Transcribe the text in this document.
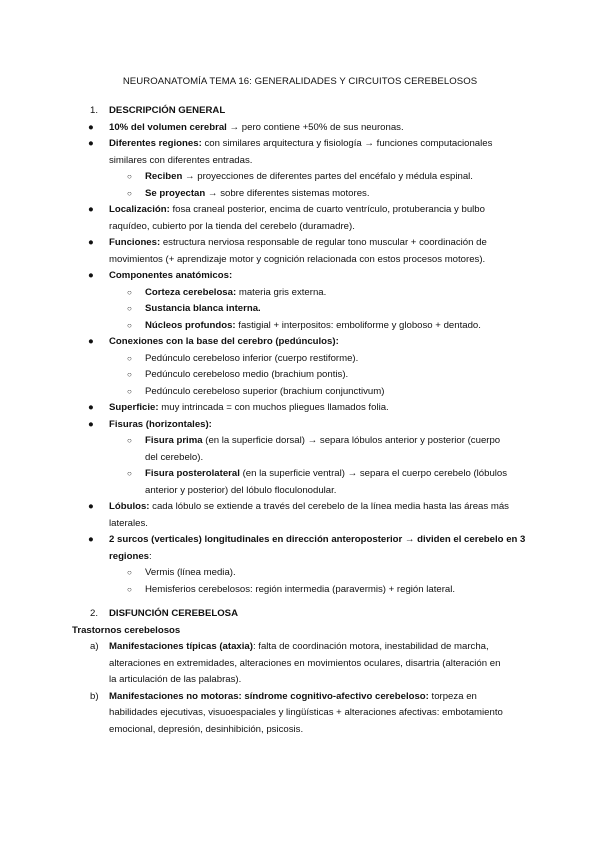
NEUROANATOMÍA TEMA 16: GENERALIDADES Y CIRCUITOS CEREBELOSOS
1. DESCRIPCIÓN GENERAL
● 10% del volumen cerebral → pero contiene +50% de sus neuronas.
● Diferentes regiones: con similares arquitectura y fisiología → funciones computacionales
similares con diferentes entradas.
○ Reciben → proyecciones de diferentes partes del encéfalo y médula espinal.
○ Se proyectan → sobre diferentes sistemas motores.
● Localización: fosa craneal posterior, encima de cuarto ventrículo, protuberancia y bulbo
raquídeo, cubierto por la tienda del cerebelo (duramadre).
● Funciones: estructura nerviosa responsable de regular tono muscular + coordinación de
movimientos (+ aprendizaje motor y cognición relacionada con estos procesos motores).
● Componentes anatómicos:
○ Corteza cerebelosa: materia gris externa.
○ Sustancia blanca interna.
○ Núcleos profundos: fastigial + interpositos: emboliforme y globoso + dentado.
● Conexiones con la base del cerebro (pedúnculos):
○ Pedúnculo cerebeloso inferior (cuerpo restiforme).
○ Pedúnculo cerebeloso medio (brachium pontis).
○ Pedúnculo cerebeloso superior (brachium conjunctivum)
● Superficie: muy intrincada = con muchos pliegues llamados folia.
● Fisuras (horizontales):
○ Fisura prima (en la superficie dorsal) → separa lóbulos anterior y posterior (cuerpo
del cerebelo).
○ Fisura posterolateral (en la superficie ventral) → separa el cuerpo cerebelo (lóbulos
anterior y posterior) del lóbulo floculonodular.
● Lóbulos: cada lóbulo se extiende a través del cerebelo de la línea media hasta las áreas más
laterales.
● 2 surcos (verticales) longitudinales en dirección anteroposterior → dividen el cerebelo en 3
regiones:
○ Vermis (línea media).
○ Hemisferios cerebelosos: región intermedia (paravermis) + región lateral.
2. DISFUNCIÓN CEREBELOSA
Trastornos cerebelosos
a) Manifestaciones típicas (ataxia): falta de coordinación motora, inestabilidad de marcha,
alteraciones en extremidades, alteraciones en movimientos oculares, disartria (alteración en
la articulación de las palabras).
b) Manifestaciones no motoras: síndrome cognitivo-afectivo cerebeloso: torpeza en
habilidades ejecutivas, visuoespaciales y lingüísticas + alteraciones afectivas: embotamiento
emocional, depresión, desinhibición, psicosis.
